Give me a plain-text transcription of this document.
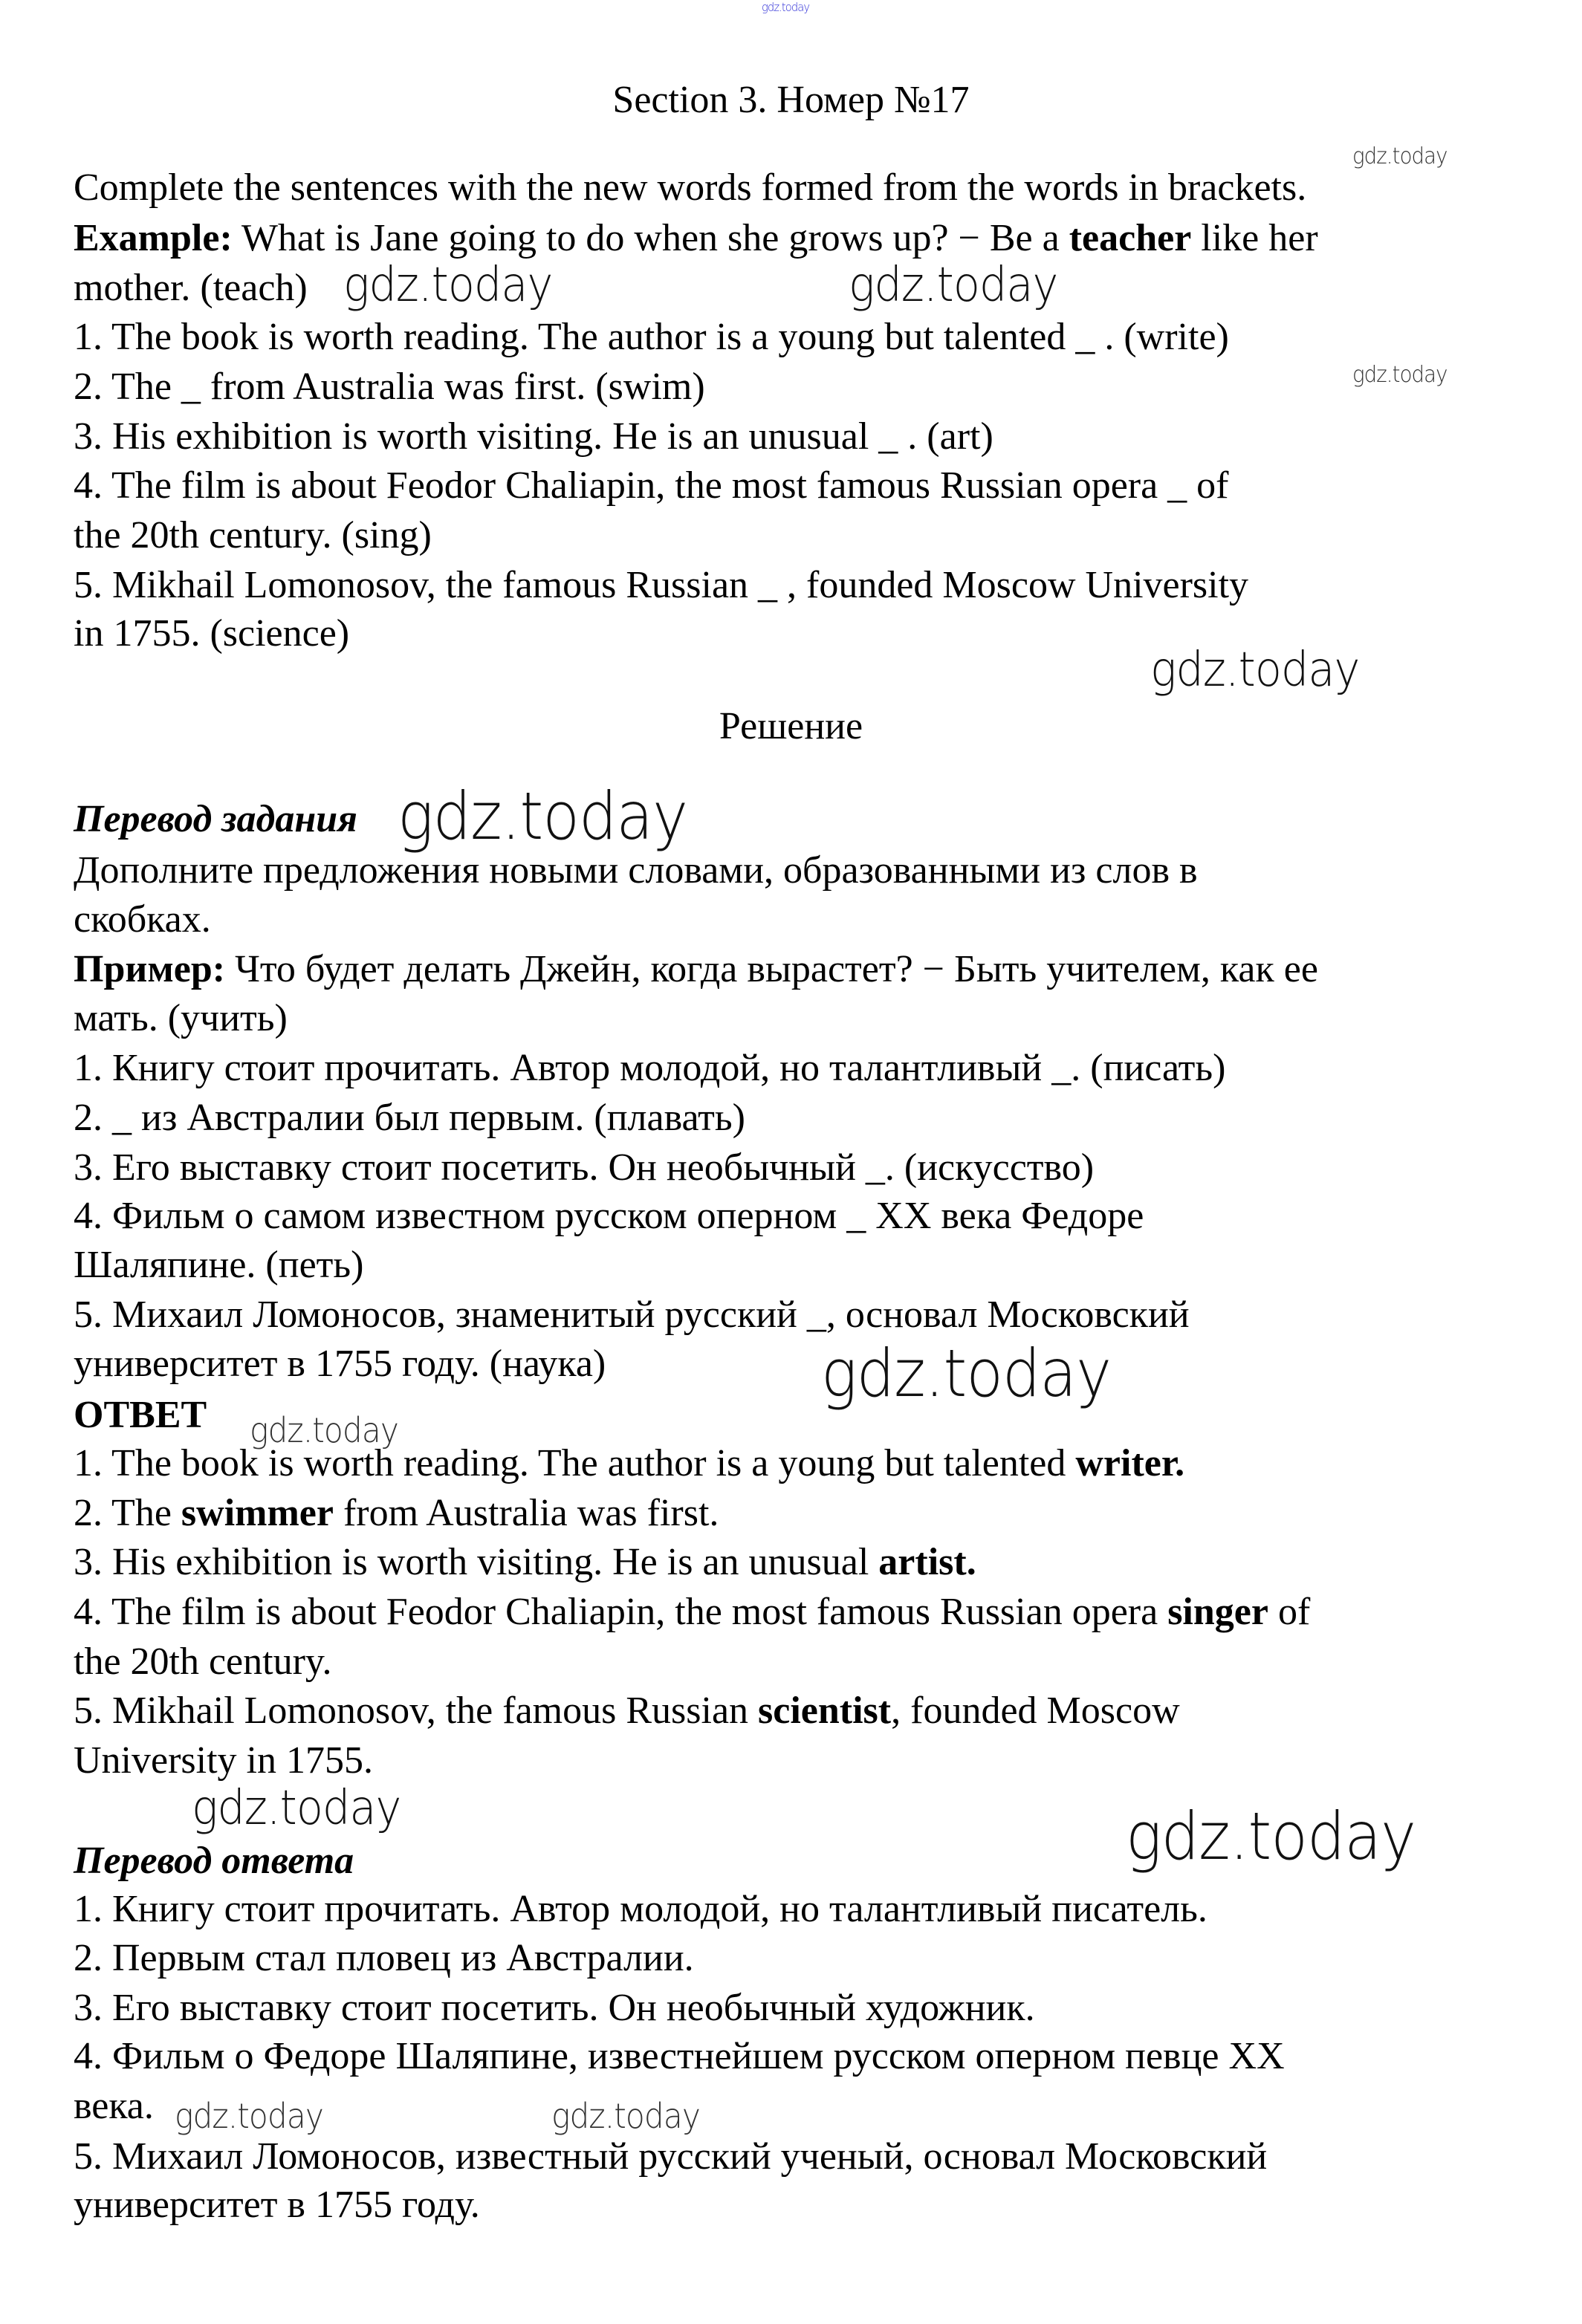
Section 3. Номер №17
Решение
Перевод задания
ОТВЕТ
Перевод ответа
Complete the sentences with the new words formed from the words in brackets.
Example: What is Jane going to do when she grows up? − Be a teacher like her
mother. (teach)
1. The book is worth reading. The author is a young but talented _ . (write)
2. The _ from Australia was first. (swim)
3. His exhibition is worth visiting. He is an unusual _ . (art)
4. The film is about Feodor Chaliapin, the most famous Russian opera _ of
the 20th century. (sing)
5. Mikhail Lomonosov, the famous Russian _ , founded Moscow University
in 1755. (science)
Дополните предложения новыми словами, образованными из слов в
скобках.
Пример: Что будет делать Джейн, когда вырастет? − Быть учителем, как ее
мать. (учить)
1. Книгу стоит прочитать. Автор молодой, но талантливый _. (писать)
2. _ из Австралии был первым. (плавать)
3. Его выставку стоит посетить. Он необычный _. (искусство)
4. Фильм о самом известном русском оперном _ XX века Федоре
Шаляпине. (петь)
5. Михаил Ломоносов, знаменитый русский _, основал Московский
университет в 1755 году. (наука)
1. The book is worth reading. The author is a young but talented writer.
2. The swimmer from Australia was first.
3. His exhibition is worth visiting. He is an unusual artist.
4. The film is about Feodor Chaliapin, the most famous Russian opera singer of
the 20th century.
5. Mikhail Lomonosov, the famous Russian scientist, founded Moscow
University in 1755.
1. Книгу стоит прочитать. Автор молодой, но талантливый писатель.
2. Первым стал пловец из Австралии.
3. Его выставку стоит посетить. Он необычный художник.
4. Фильм о Федоре Шаляпине, известнейшем русском оперном певце XX
века.
5. Михаил Ломоносов, известный русский ученый, основал Московский
университет в 1755 году.
gdz.today
gdz.today
gdz.today	gdz.today
gdz.today
gdz.today
gdz.today
gdz.today
gdz.today
gdz.today	gdz.today
gdz.today	gdz.today
